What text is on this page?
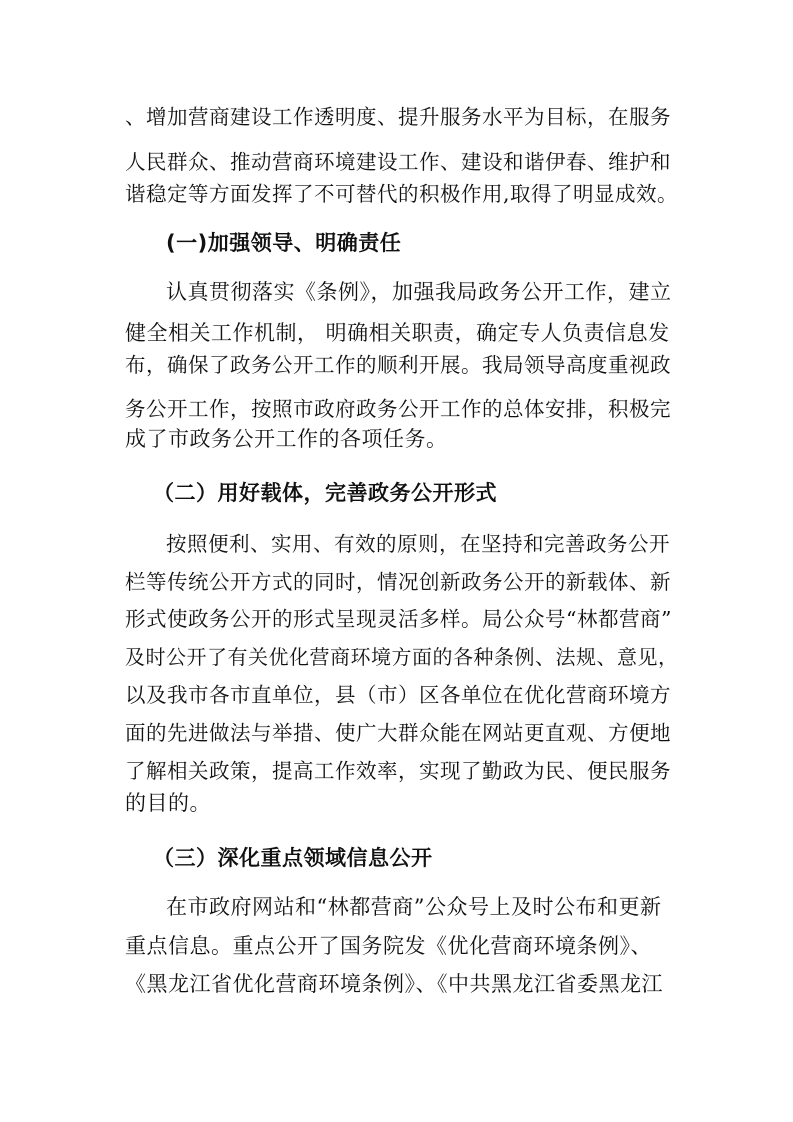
、增加营商建设工作透明度、提升服务水平为目标，在服务
人民群众、推动营商环境建设工作、建设和谐伊春、维护和
谐稳定等方面发挥了不可替代的积极作用,取得了明显成效。
(一)加强领导、明确责任
认真贯彻落实《条例》，加强我局政务公开工作，建立
健全相关工作机制， 明确相关职责，确定专人负责信息发
布，确保了政务公开工作的顺利开展。我局领导高度重视政
务公开工作，按照市政府政务公开工作的总体安排，积极完
成了市政务公开工作的各项任务。
（二）用好载体，完善政务公开形式
按照便利、实用、有效的原则，在坚持和完善政务公开
栏等传统公开方式的同时，情况创新政务公开的新载体、新
形式使政务公开的形式呈现灵活多样。局公众号“林都营商”
及时公开了有关优化营商环境方面的各种条例、法规、意见，
以及我市各市直单位，县（市）区各单位在优化营商环境方
面的先进做法与举措、使广大群众能在网站更直观、方便地
了解相关政策，提高工作效率，实现了勤政为民、便民服务
的目的。
（三）深化重点领域信息公开
在市政府网站和“林都营商”公众号上及时公布和更新
重点信息。重点公开了国务院发《优化营商环境条例》、
《黑龙江省优化营商环境条例》、《中共黑龙江省委黑龙江
